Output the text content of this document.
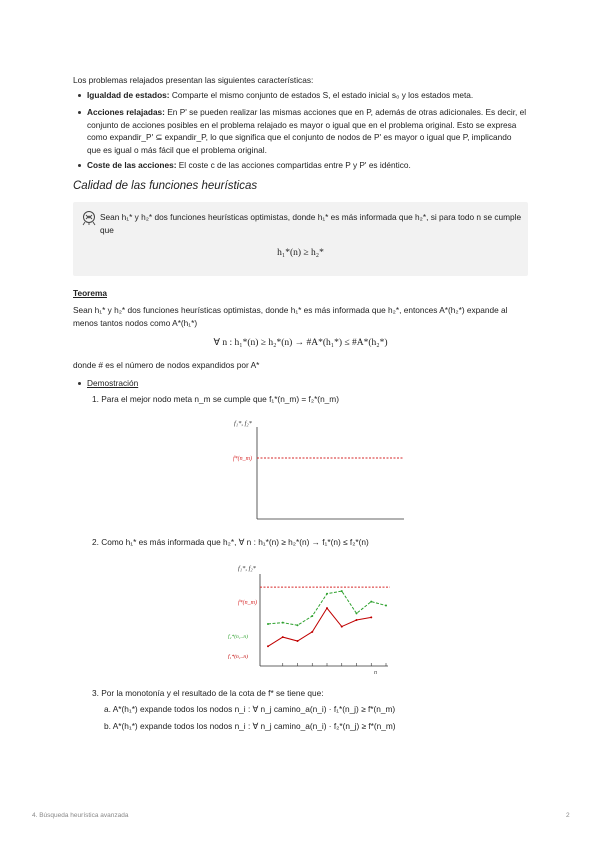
Los problemas relajados presentan las siguientes características:
Igualdad de estados: Comparte el mismo conjunto de estados S, el estado inicial s₀ y los estados meta.
Acciones relajadas: En P' se pueden realizar las mismas acciones que en P, además de otras adicionales. Es decir, el
conjunto de acciones posibles en el problema relajado es mayor o igual que en el problema original. Esto se expresa
como expandir_P′ ⊆ expandir_P, lo que significa que el conjunto de nodos de P' es mayor o igual que P, implicando
que es igual o más fácil que el problema original.
Coste de las acciones: El coste c de las acciones compartidas entre P y P' es idéntico.
Calidad de las funciones heurísticas
Sean h₁* y h₂* dos funciones heurísticas optimistas, donde h₁* es más informada que h₂*, si para todo n se cumple
que
h₁*(n) ≥ h₂*
Teorema
Sean h₁* y h₂* dos funciones heurísticas optimistas, donde h₁* es más informada que h₂*, entonces A*(h₂*) expande al
menos tantos nodos como A*(h₁*)
∀ n : h₁*(n) ≥ h₂*(n) → #A*(h₁*) ≤ #A*(h₂*)
donde # es el número de nodos expandidos por A*
Demostración
1. Para el mejor nodo meta n_m se cumple que f₁*(n_m) = f₂*(n_m)
f₁*, f₂*
f*(n_m)
2. Como h₁* es más informada que h₂*, ∀ n : h₁*(n) ≥ h₂*(n) → f₁*(n) ≤ f₂*(n)
f₁*, f₂*
f*(n_m)
f₂*(n₁..n)
f₁*(n₁..n)
n
3. Por la monotonía y el resultado de la cota de f* se tiene que:
a. A*(h₁*) expande todos los nodos n_i : ∀ n_j camino_a(n_i) · f₁*(n_j) ≥ f*(n_m)
b. A*(h₁*) expande todos los nodos n_i : ∀ n_j camino_a(n_i) · f₂*(n_j) ≥ f*(n_m)
4. Búsqueda heurística avanzada	2
